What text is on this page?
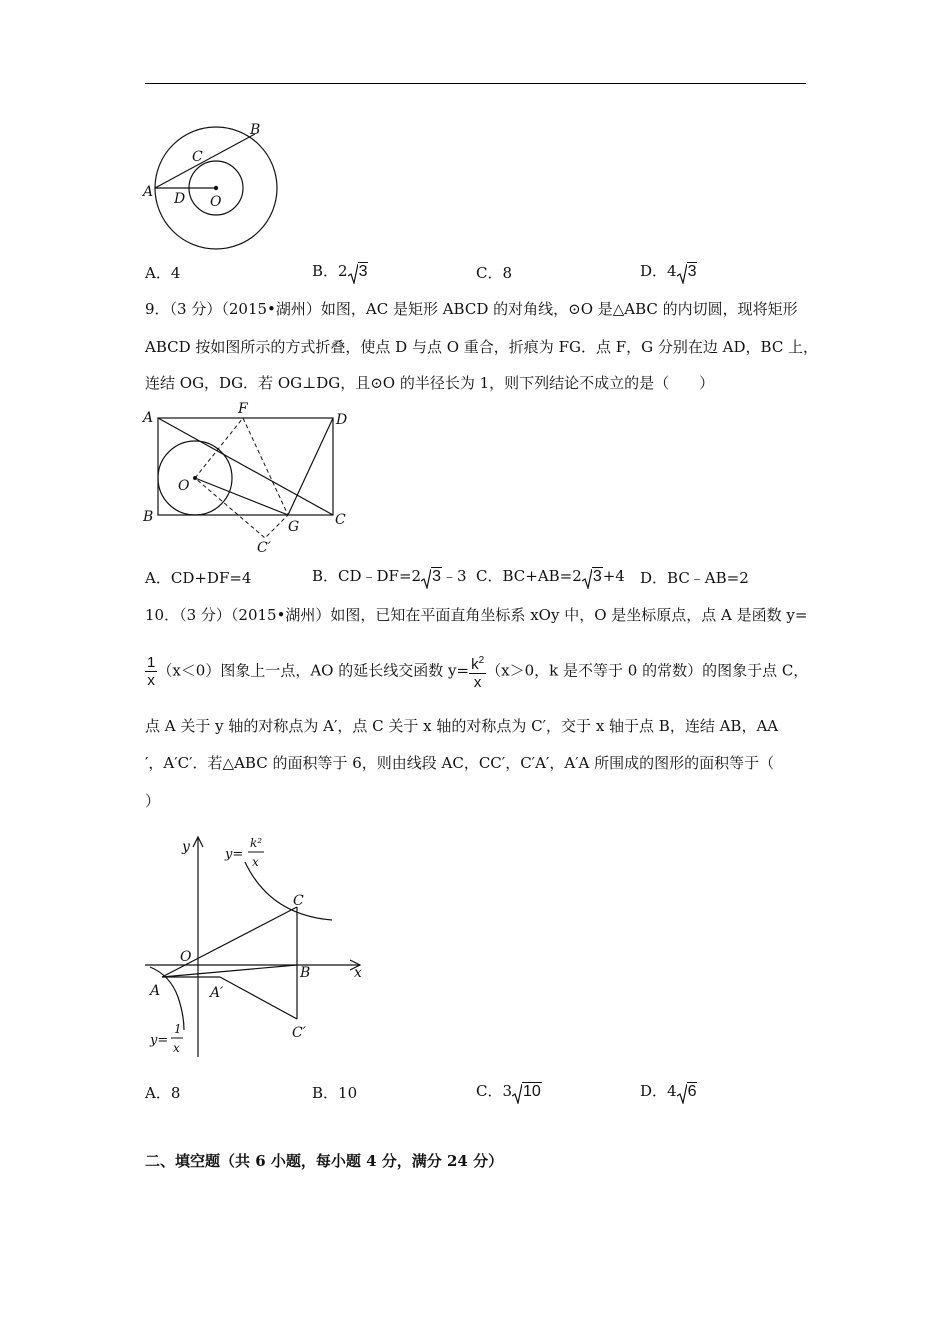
B
C
A D O
A．4	B．2 3	C．8	D．4 3
9．（3 分）（2015•湖州）如图，AC 是矩形 ABCD 的对角线，⊙O 是△ABC 的内切圆，现将矩形
ABCD 按如图所示的方式折叠，使点 D 与点 O 重合，折痕为 FG．点 F，G 分别在边 AD，BC 上，
连结 OG，DG．若 OG⊥DG，且⊙O 的半径长为 1，则下列结论不成立的是（　　）
A
F
D
O
B
G	C
C′
A．CD+DF=4	B．CD﹣DF=2 3﹣3 C．BC+AB=2 3+4 D．BC﹣AB=2
10．（3 分）（2015•湖州）如图，已知在平面直角坐标系 xOy 中，O 是坐标原点，点 A 是函数 y=
$\frac{1}{x} (x<0)$图象上一点，AO 的延长线交函数 $y= \frac{k^2}{x} (x>0$，k 是不等于 0 的常数）的图象于点 C，
点 A 关于 y 轴的对称点为 A′，点 C 关于 x 轴的对称点为 C′，交于 x 轴于点 B，连结 AB，AA
′，A′C′．若△ABC 的面积等于 6，则由线段 AC，CC′，C′A′，A′A 所围成的图形的面积等于（
）
y
x
O
A	A′
B
C
C′
y=
k²
x
y=
1
x
A．8	B．10	C．3 10	D．4 6
二、填空题（共 6 小题，每小题 4 分，满分 24 分）
